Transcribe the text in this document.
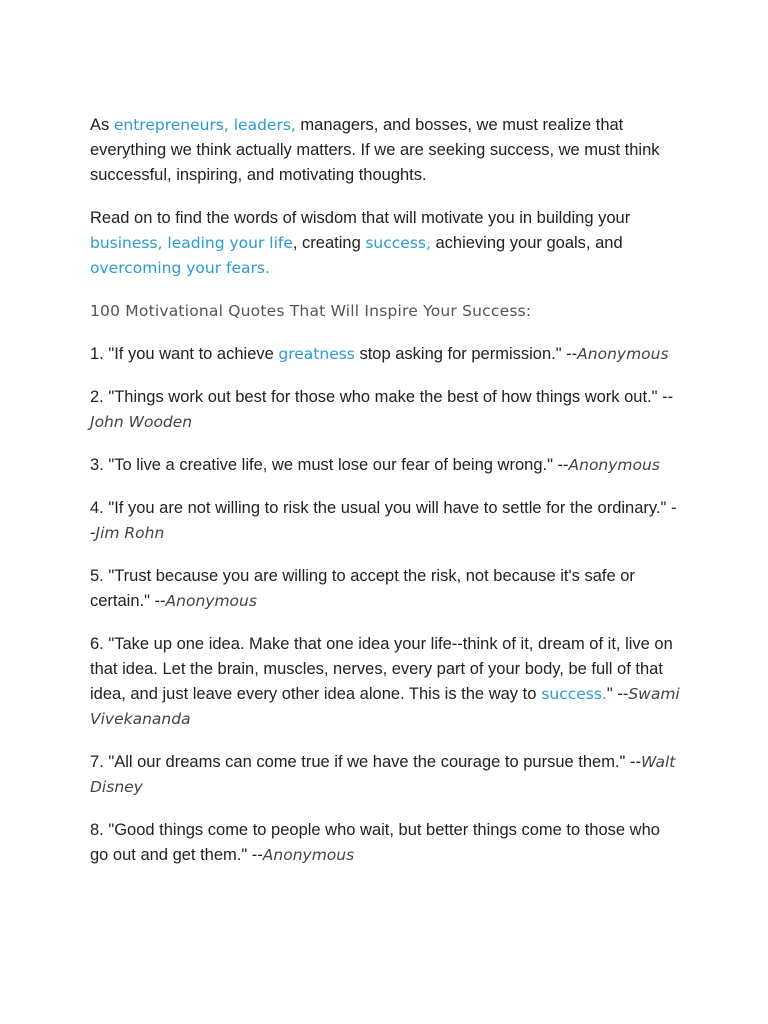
As entrepreneurs, leaders, managers, and bosses, we must realize that everything we think actually matters. If we are seeking success, we must think successful, inspiring, and motivating thoughts.

Read on to find the words of wisdom that will motivate you in building your business, leading your life, creating success, achieving your goals, and overcoming your fears.

100 Motivational Quotes That Will Inspire Your Success:

1. "If you want to achieve greatness stop asking for permission." --Anonymous

2. "Things work out best for those who make the best of how things work out." --John Wooden

3. "To live a creative life, we must lose our fear of being wrong." --Anonymous

4. "If you are not willing to risk the usual you will have to settle for the ordinary." --Jim Rohn

5. "Trust because you are willing to accept the risk, not because it's safe or certain." --Anonymous

6. "Take up one idea. Make that one idea your life--think of it, dream of it, live on that idea. Let the brain, muscles, nerves, every part of your body, be full of that idea, and just leave every other idea alone. This is the way to success." --Swami Vivekananda

7. "All our dreams can come true if we have the courage to pursue them." --Walt Disney

8. "Good things come to people who wait, but better things come to those who go out and get them." --Anonymous
